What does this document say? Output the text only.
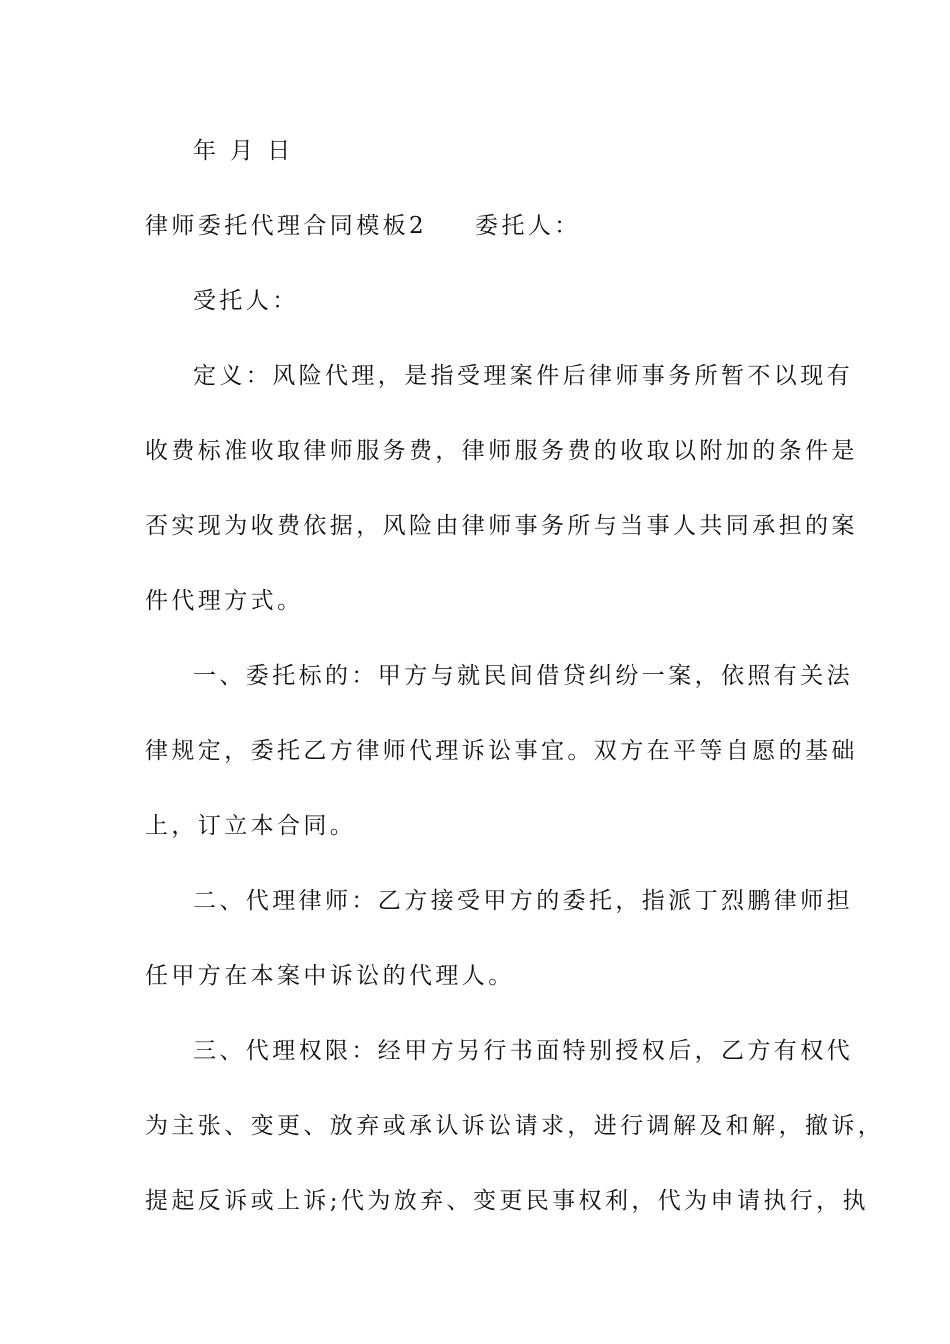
年 月 日
律师委托代理合同模板2 委托人：
受托人：
定义：风险代理，是指受理案件后律师事务所暂不以现有
收费标准收取律师服务费，律师服务费的收取以附加的条件是
否实现为收费依据，风险由律师事务所与当事人共同承担的案
件代理方式。
一、委托标的：甲方与就民间借贷纠纷一案，依照有关法
律规定，委托乙方律师代理诉讼事宜。双方在平等自愿的基础
上，订立本合同。
二、代理律师：乙方接受甲方的委托，指派丁烈鹏律师担
任甲方在本案中诉讼的代理人。
三、代理权限：经甲方另行书面特别授权后，乙方有权代
为主张、变更、放弃或承认诉讼请求，进行调解及和解，撤诉，
提起反诉或上诉;代为放弃、变更民事权利，代为申请执行，执
